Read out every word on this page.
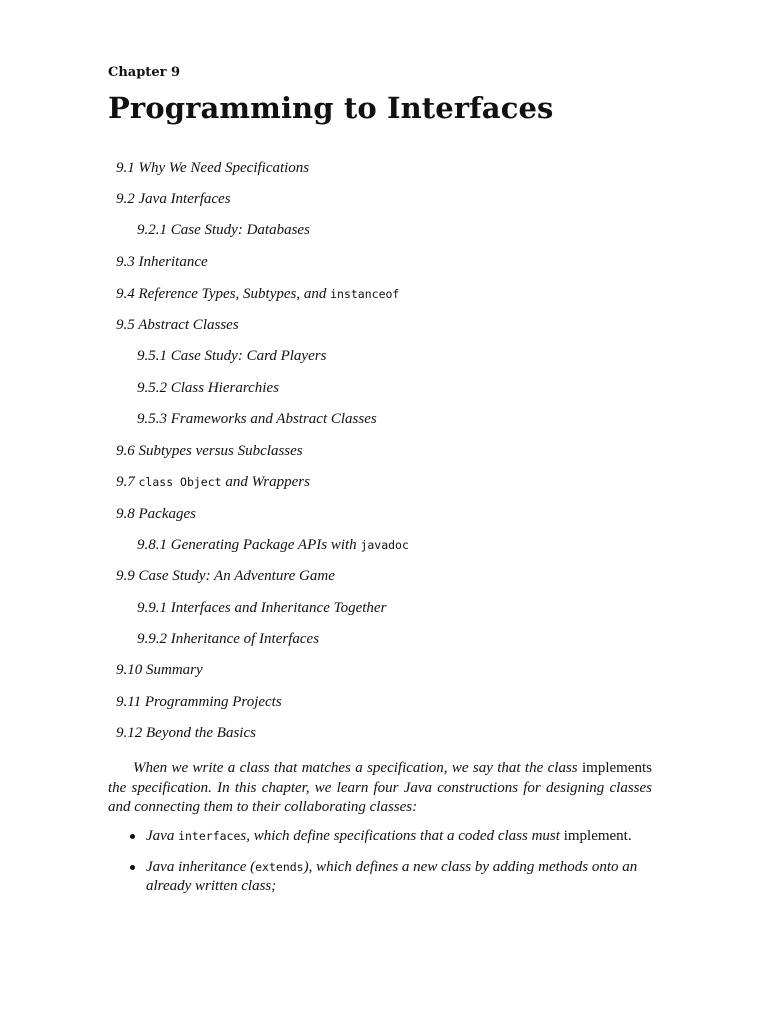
Chapter 9
Programming to Interfaces
9.1 Why We Need Specifications
9.2 Java Interfaces
9.2.1 Case Study: Databases
9.3 Inheritance
9.4 Reference Types, Subtypes, and instanceof
9.5 Abstract Classes
9.5.1 Case Study: Card Players
9.5.2 Class Hierarchies
9.5.3 Frameworks and Abstract Classes
9.6 Subtypes versus Subclasses
9.7 class Object and Wrappers
9.8 Packages
9.8.1 Generating Package APIs with javadoc
9.9 Case Study: An Adventure Game
9.9.1 Interfaces and Inheritance Together
9.9.2 Inheritance of Interfaces
9.10 Summary
9.11 Programming Projects
9.12 Beyond the Basics

When we write a class that matches a specification, we say that the class implements the specification. In this chapter, we learn four Java constructions for designing classes and connecting them to their collaborating classes:

Java interfaces, which define specifications that a coded class must implement.
Java inheritance (extends), which defines a new class by adding methods onto an already written class;
